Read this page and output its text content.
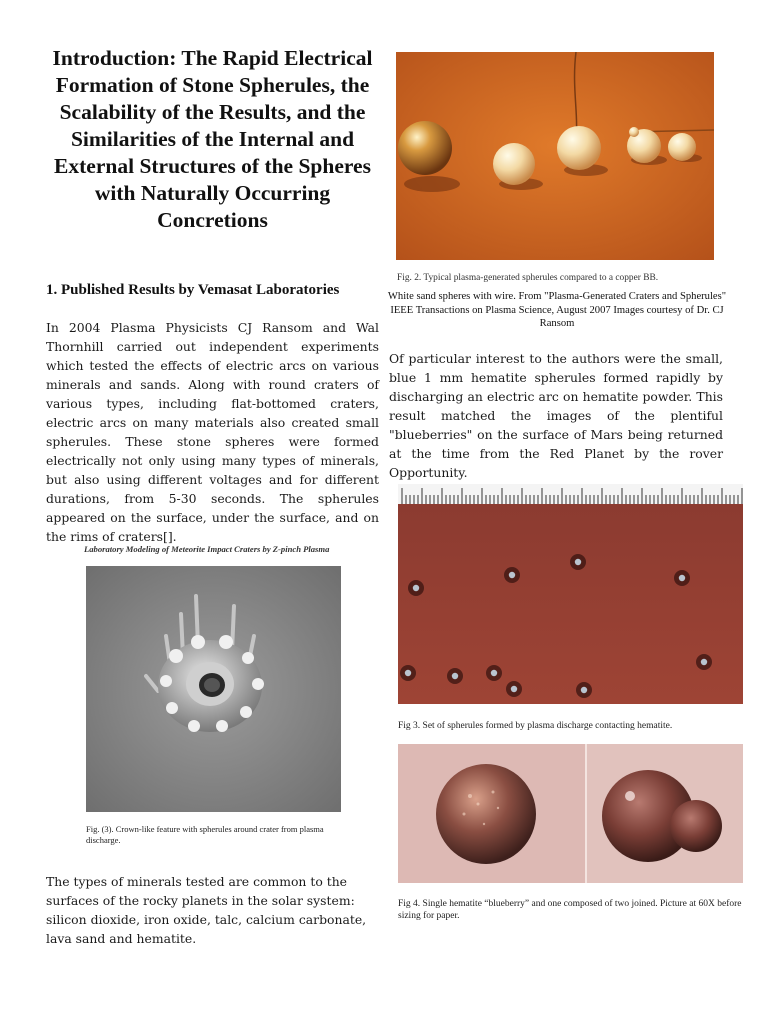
Introduction: The Rapid Electrical Formation of Stone Spherules, the Scalability of the Results, and the Similarities of the Internal and External Structures of the Spheres with Naturally Occurring Concretions
1. Published Results by Vemasat Laboratories
In 2004 Plasma Physicists CJ Ransom and Wal Thornhill carried out independent experiments which tested the effects of electric arcs on various minerals and sands. Along with round craters of various types, including flat-bottomed craters, electric arcs on many materials also created small spherules. These stone spheres were formed electrically not only using many types of minerals, but also using different voltages and for different durations, from 5-30 seconds. The spherules appeared on the surface, under the surface, and on the rims of craters[].
Laboratory Modeling of Meteorite Impact Craters by Z-pinch Plasma
Fig. (3). Crown-like feature with spherules around crater from plasma discharge.
The types of minerals tested are common to the surfaces of the rocky planets in the solar system: silicon dioxide, iron oxide, talc, calcium carbonate, lava sand and hematite.
Fig. 2. Typical plasma-generated spherules compared to a copper BB.
White sand spheres with wire. From "Plasma-Generated Craters and Spherules" IEEE Transactions on Plasma Science, August 2007 Images courtesy of Dr. CJ Ransom
Of particular interest to the authors were the small, blue 1 mm hematite spherules formed rapidly by discharging an electric arc on hematite powder. This result matched the images of the plentiful "blueberries" on the surface of Mars being returned at the time from the Red Planet by the rover Opportunity.
Fig 3. Set of spherules formed by plasma discharge contacting hematite.
Fig 4. Single hematite “blueberry” and one composed of two joined. Picture at 60X before sizing for paper.
